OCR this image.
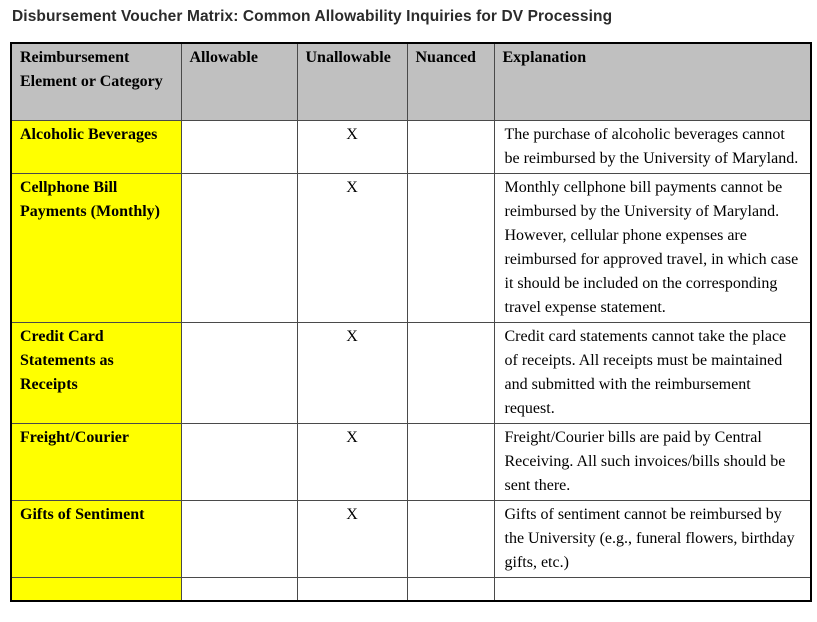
Disbursement Voucher Matrix: Common Allowability Inquiries for DV Processing
Reimbursement Element or Category	Allowable	Unallowable	Nuanced	Explanation
Alcoholic Beverages		X		The purchase of alcoholic beverages cannot be reimbursed by the University of Maryland.
Cellphone Bill Payments (Monthly)		X		Monthly cellphone bill payments cannot be reimbursed by the University of Maryland. However, cellular phone expenses are reimbursed for approved travel, in which case it should be included on the corresponding travel expense statement.
Credit Card Statements as Receipts		X		Credit card statements cannot take the place of receipts. All receipts must be maintained and submitted with the reimbursement request.
Freight/Courier		X		Freight/Courier bills are paid by Central Receiving. All such invoices/bills should be sent there.
Gifts of Sentiment		X		Gifts of sentiment cannot be reimbursed by the University (e.g., funeral flowers, birthday gifts, etc.)
